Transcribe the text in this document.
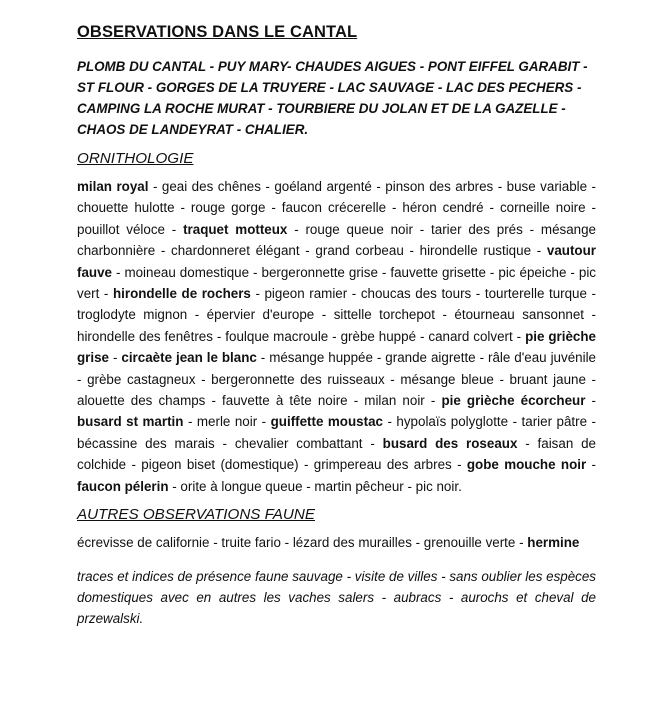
OBSERVATIONS DANS LE CANTAL
PLOMB DU CANTAL - PUY MARY- CHAUDES AIGUES - PONT EIFFEL GARABIT - ST FLOUR - GORGES DE LA TRUYERE - LAC SAUVAGE - LAC DES PECHERS - CAMPING LA ROCHE MURAT - TOURBIERE DU JOLAN ET DE LA GAZELLE - CHAOS DE LANDEYRAT - CHALIER.
ORNITHOLOGIE
milan royal - geai des chênes - goéland argenté - pinson des arbres - buse variable - chouette hulotte - rouge gorge - faucon crécerelle - héron cendré - corneille noire - pouillot véloce - traquet motteux - rouge queue noir - tarier des prés - mésange charbonnière - chardonneret élégant - grand corbeau - hirondelle rustique - vautour fauve - moineau domestique - bergeronnette grise - fauvette grisette - pic épeiche - pic vert - hirondelle de rochers - pigeon ramier - choucas des tours - tourterelle turque - troglodyte mignon - épervier d'europe - sittelle torchepot - étourneau sansonnet - hirondelle des fenêtres - foulque macroule - grèbe huppé - canard colvert - pie grièche grise - circaète jean le blanc - mésange huppée - grande aigrette - râle d'eau juvénile - grèbe castagneux - bergeronnette des ruisseaux - mésange bleue - bruant jaune - alouette des champs - fauvette à tête noire - milan noir - pie grièche écorcheur - busard st martin - merle noir - guiffette moustac - hypolaïs polyglotte - tarier pâtre - bécassine des marais - chevalier combattant - busard des roseaux - faisan de colchide - pigeon biset (domestique) - grimpereau des arbres - gobe mouche noir - faucon pélerin - orite à longue queue - martin pêcheur - pic noir.
AUTRES OBSERVATIONS FAUNE
écrevisse de californie - truite fario - lézard des murailles - grenouille verte - hermine
traces et indices de présence faune sauvage - visite de villes - sans oublier les espèces domestiques avec en autres les vaches salers - aubracs - aurochs et cheval de przewalski.
